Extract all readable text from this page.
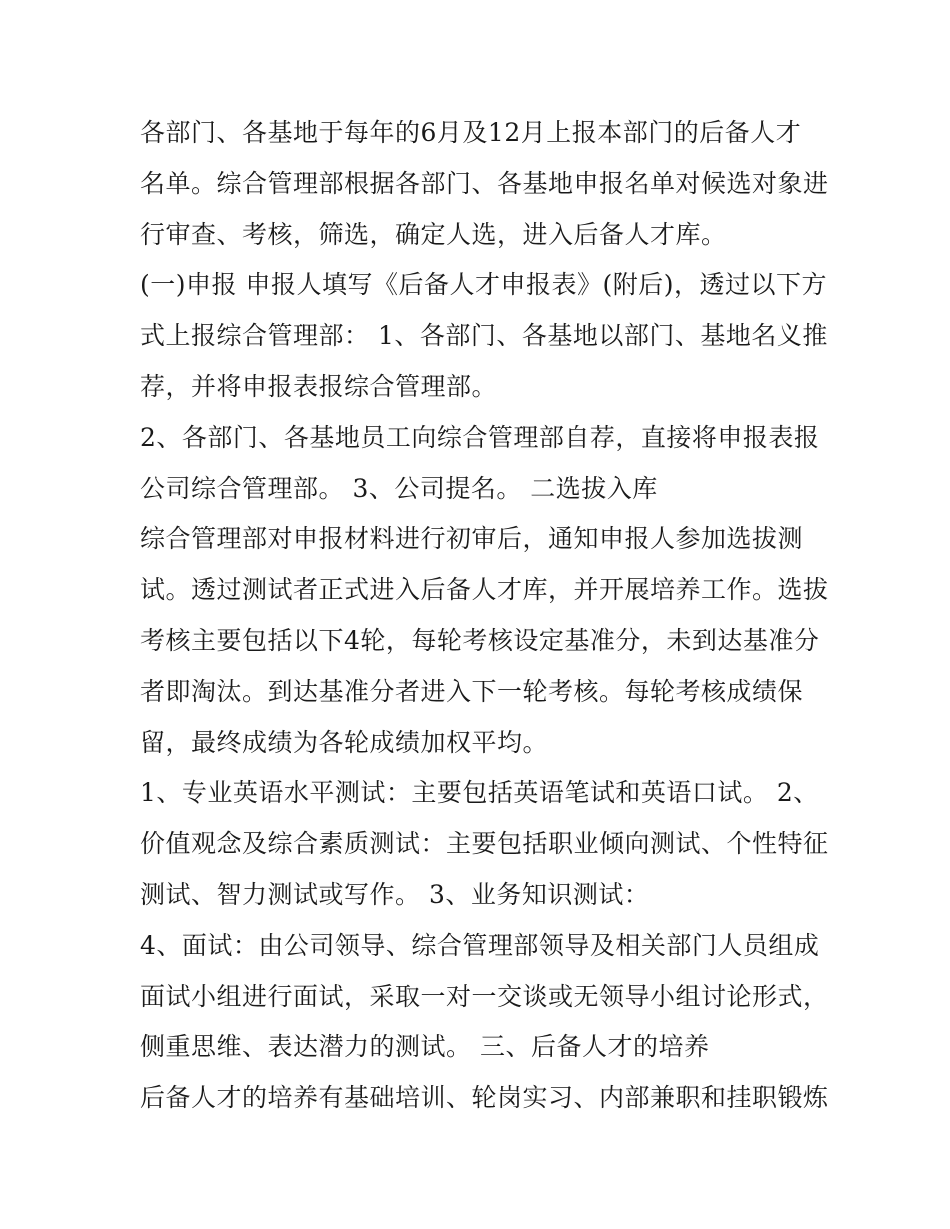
各部门、各基地于每年的6月及12月上报本部门的后备人才
名单。综合管理部根据各部门、各基地申报名单对候选对象进
行审查、考核，筛选，确定人选，进入后备人才库。
(一)申报 申报人填写《后备人才申报表》(附后)，透过以下方
式上报综合管理部： 1、各部门、各基地以部门、基地名义推
荐，并将申报表报综合管理部。
2、各部门、各基地员工向综合管理部自荐，直接将申报表报
公司综合管理部。 3、公司提名。 二选拔入库
综合管理部对申报材料进行初审后，通知申报人参加选拔测
试。透过测试者正式进入后备人才库，并开展培养工作。选拔
考核主要包括以下4轮，每轮考核设定基准分，未到达基准分
者即淘汰。到达基准分者进入下一轮考核。每轮考核成绩保
留，最终成绩为各轮成绩加权平均。
1、专业英语水平测试：主要包括英语笔试和英语口试。 2、
价值观念及综合素质测试：主要包括职业倾向测试、个性特征
测试、智力测试或写作。 3、业务知识测试：
4、面试：由公司领导、综合管理部领导及相关部门人员组成
面试小组进行面试，采取一对一交谈或无领导小组讨论形式，
侧重思维、表达潜力的测试。 三、后备人才的培养
后备人才的培养有基础培训、轮岗实习、内部兼职和挂职锻炼
